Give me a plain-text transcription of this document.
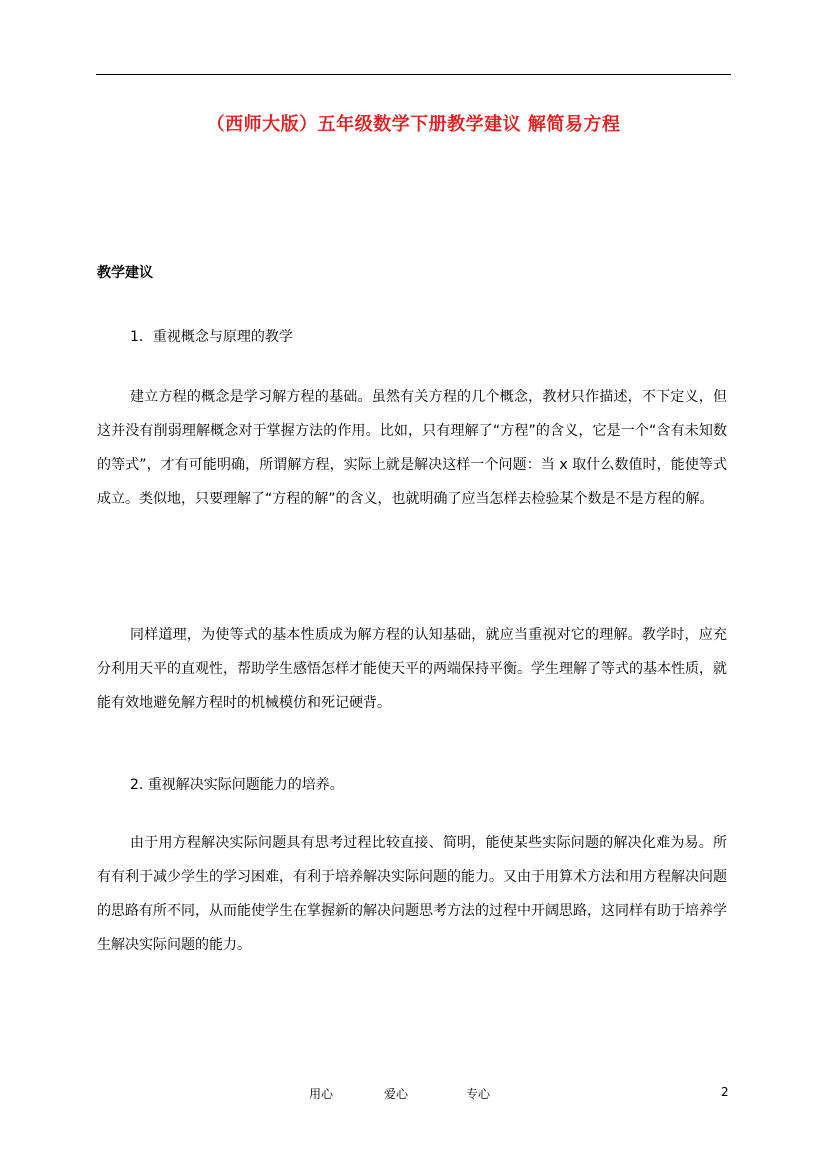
（西师大版）五年级数学下册教学建议 解简易方程
教学建议
1．重视概念与原理的教学
建立方程的概念是学习解方程的基础。虽然有关方程的几个概念，教材只作描述，不下定义，但这并没有削弱理解概念对于掌握方法的作用。比如，只有理解了“方程”的含义，它是一个“含有未知数的等式”，才有可能明确，所谓解方程，实际上就是解决这样一个问题：当 x 取什么数值时，能使等式成立。类似地，只要理解了“方程的解”的含义，也就明确了应当怎样去检验某个数是不是方程的解。
同样道理，为使等式的基本性质成为解方程的认知基础，就应当重视对它的理解。教学时，应充分利用天平的直观性，帮助学生感悟怎样才能使天平的两端保持平衡。学生理解了等式的基本性质，就能有效地避免解方程时的机械模仿和死记硬背。
2. 重视解决实际问题能力的培养。
由于用方程解决实际问题具有思考过程比较直接、简明，能使某些实际问题的解决化难为易。所有有利于减少学生的学习困难，有利于培养解决实际问题的能力。又由于用算术方法和用方程解决问题的思路有所不同，从而能使学生在掌握新的解决问题思考方法的过程中开阔思路，这同样有助于培养学生解决实际问题的能力。
用心	爱心	专心	2
